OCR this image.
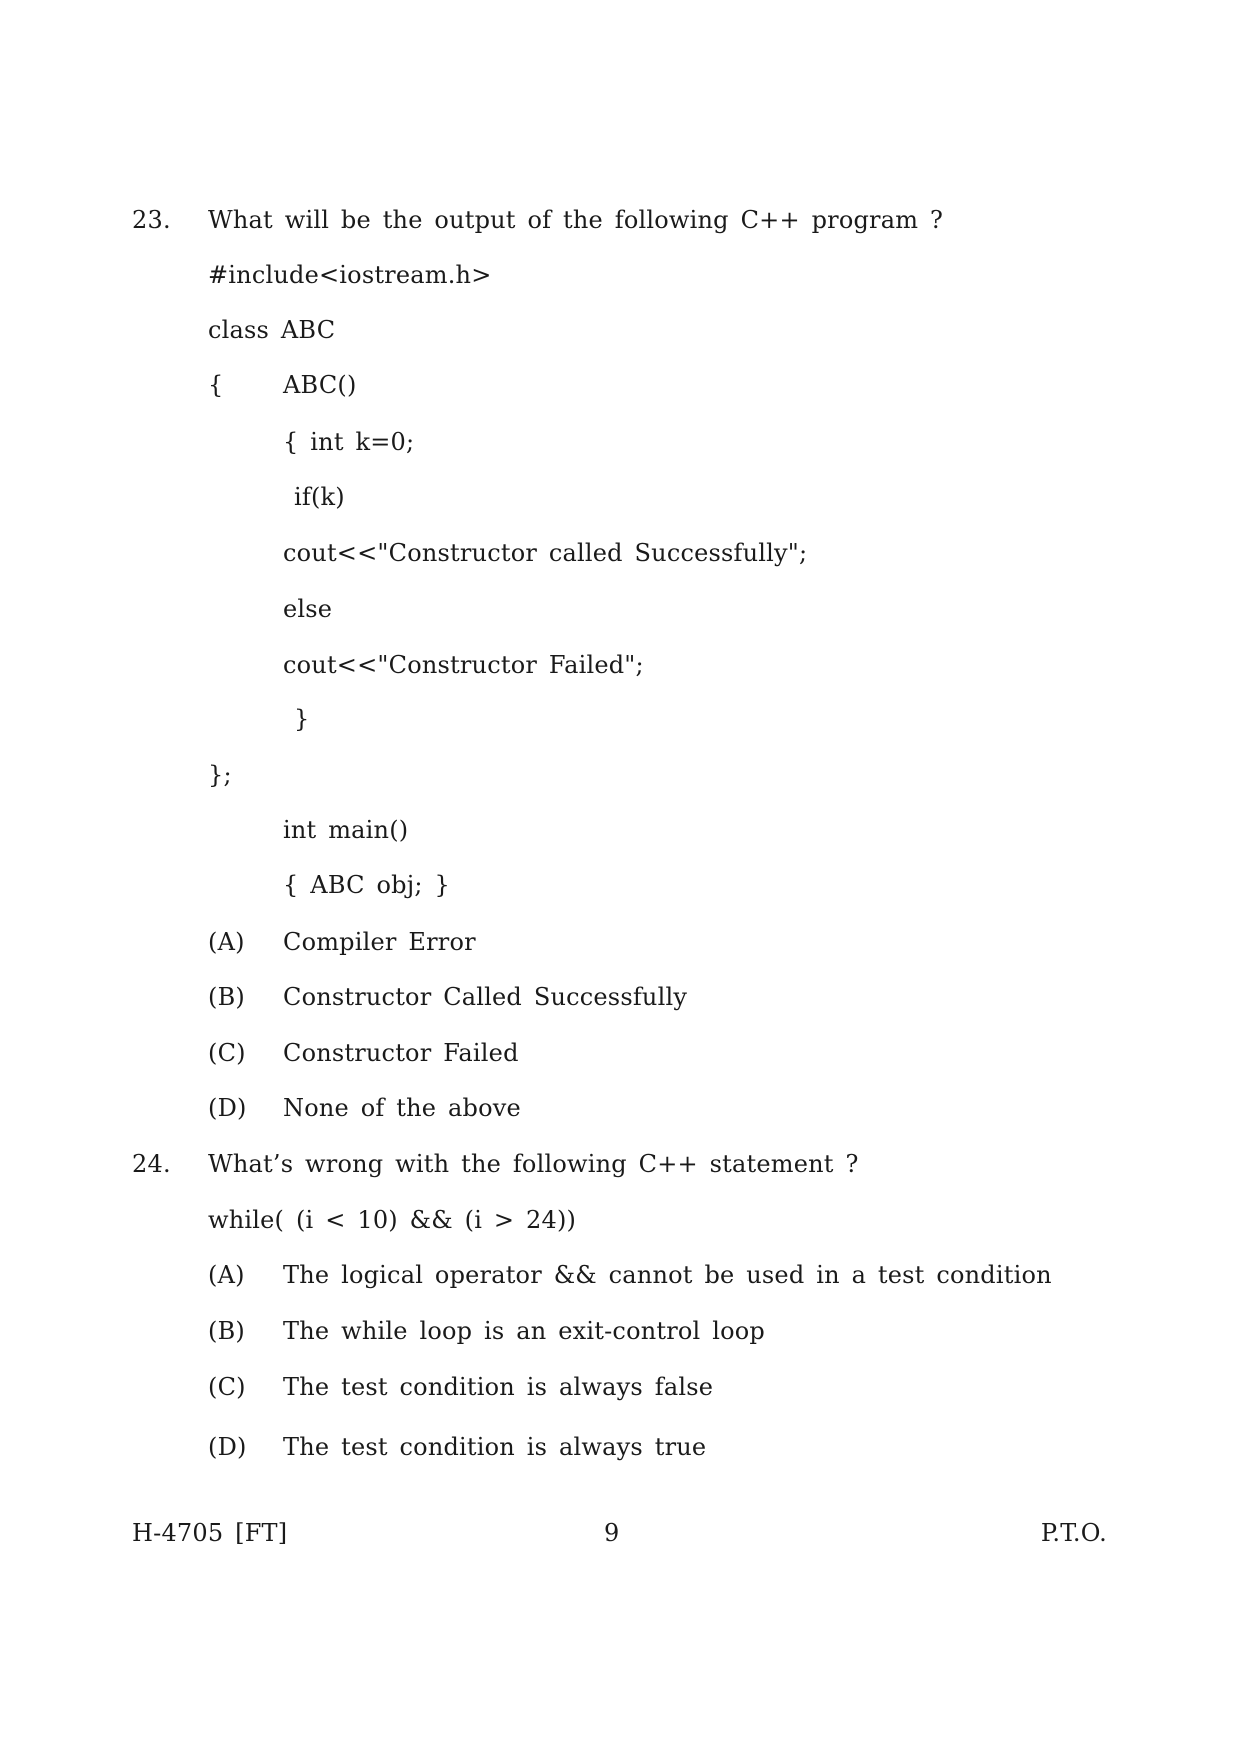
23. What will be the output of the following C++ program ?
#include<iostream.h>
class ABC
{ ABC()
{ int k=0;
if(k)
cout<<"Constructor called Successfully";
else
cout<<"Constructor Failed";
}
};
int main()
{ ABC obj; }
(A) Compiler Error
(B) Constructor Called Successfully
(C) Constructor Failed
(D) None of the above
24. What’s wrong with the following C++ statement ?
while( (i < 10) && (i > 24))
(A) The logical operator && cannot be used in a test condition
(B) The while loop is an exit-control loop
(C) The test condition is always false
(D) The test condition is always true
H-4705 [FT]	9	P.T.O.
